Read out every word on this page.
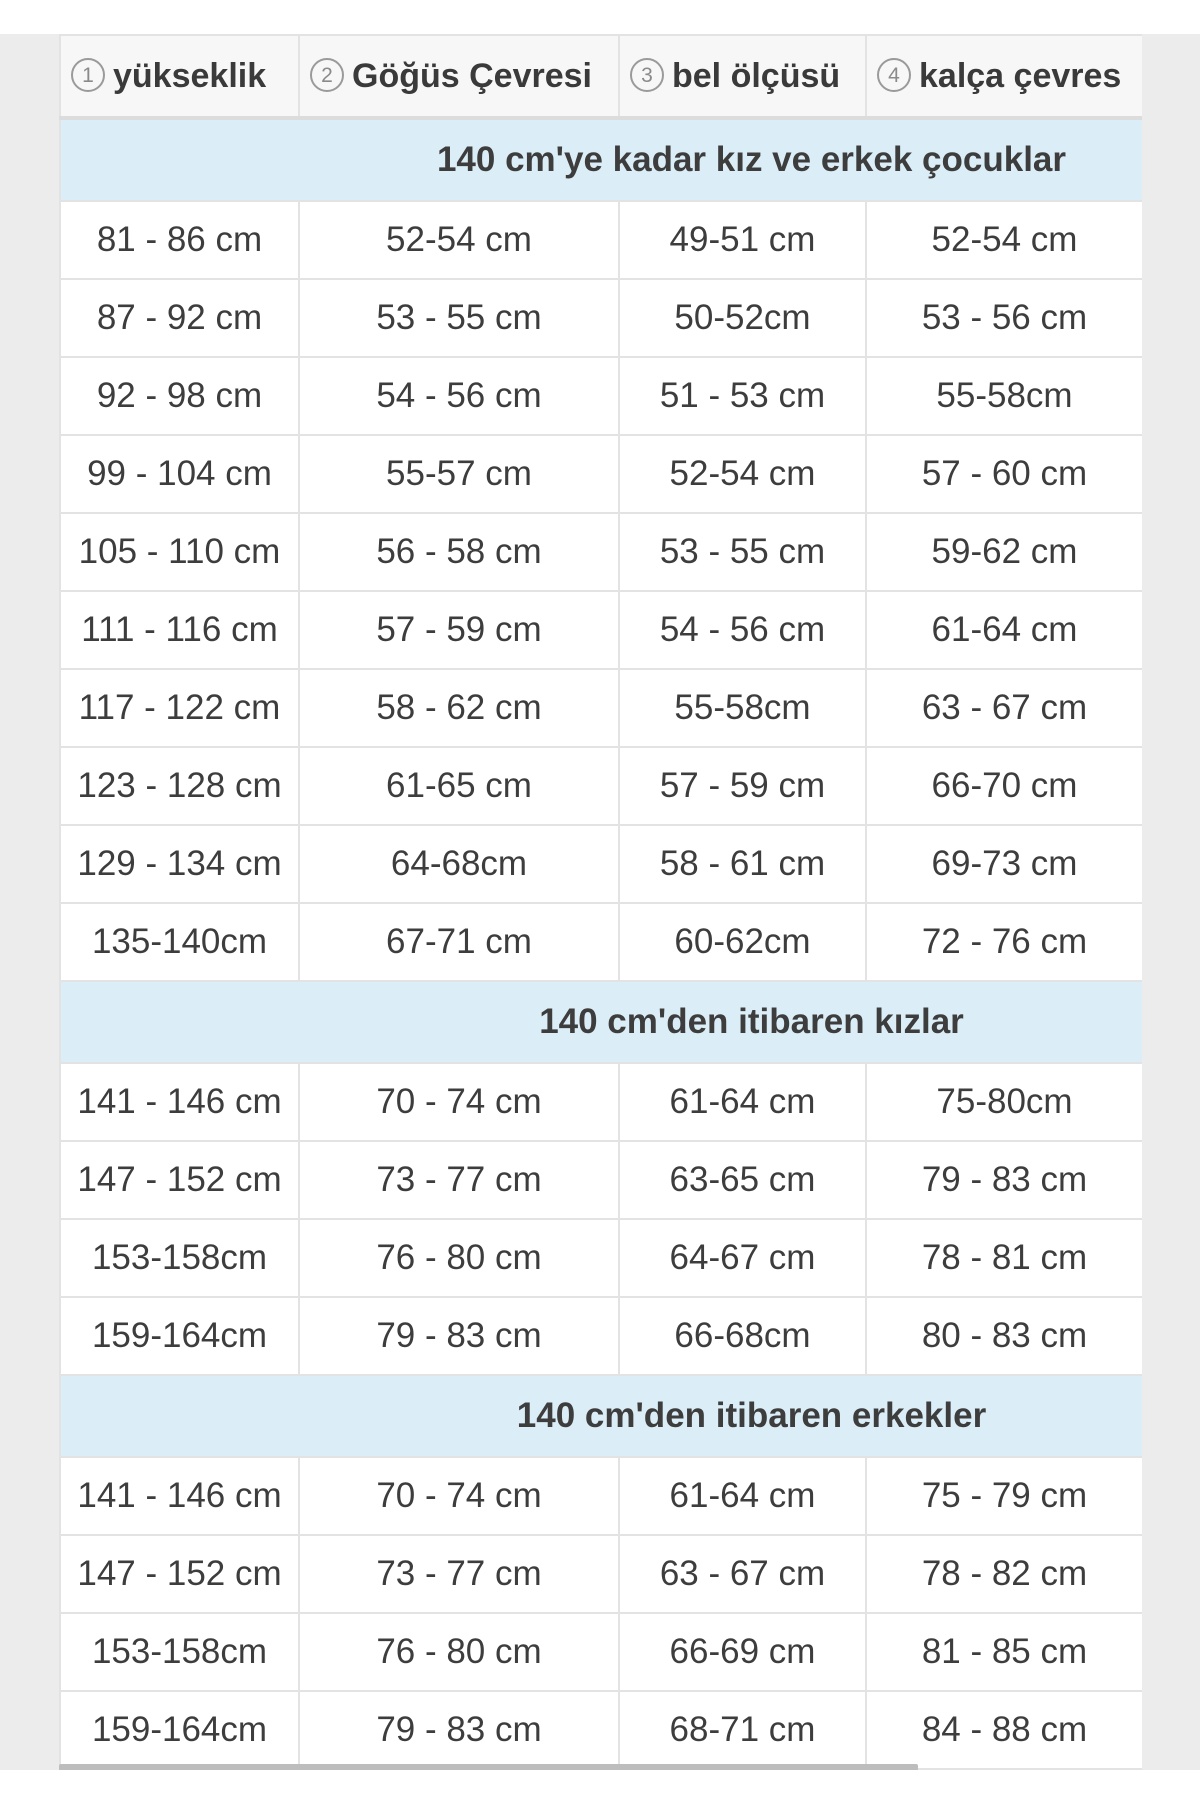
1 yükseklik	2 Göğüs Çevresi	3 bel ölçüsü	4 kalça çevres
140 cm'ye kadar kız ve erkek çocuklar			
81 - 86 cm	52-54 cm	49-51 cm	52-54 cm
87 - 92 cm	53 - 55 cm	50-52cm	53 - 56 cm
92 - 98 cm	54 - 56 cm	51 - 53 cm	55-58cm
99 - 104 cm	55-57 cm	52-54 cm	57 - 60 cm
105 - 110 cm	56 - 58 cm	53 - 55 cm	59-62 cm
111 - 116 cm	57 - 59 cm	54 - 56 cm	61-64 cm
117 - 122 cm	58 - 62 cm	55-58cm	63 - 67 cm
123 - 128 cm	61-65 cm	57 - 59 cm	66-70 cm
129 - 134 cm	64-68cm	58 - 61 cm	69-73 cm
135-140cm	67-71 cm	60-62cm	72 - 76 cm
140 cm'den itibaren kızlar			
141 - 146 cm	70 - 74 cm	61-64 cm	75-80cm
147 - 152 cm	73 - 77 cm	63-65 cm	79 - 83 cm
153-158cm	76 - 80 cm	64-67 cm	78 - 81 cm
159-164cm	79 - 83 cm	66-68cm	80 - 83 cm
140 cm'den itibaren erkekler			
141 - 146 cm	70 - 74 cm	61-64 cm	75 - 79 cm
147 - 152 cm	73 - 77 cm	63 - 67 cm	78 - 82 cm
153-158cm	76 - 80 cm	66-69 cm	81 - 85 cm
159-164cm	79 - 83 cm	68-71 cm	84 - 88 cm
